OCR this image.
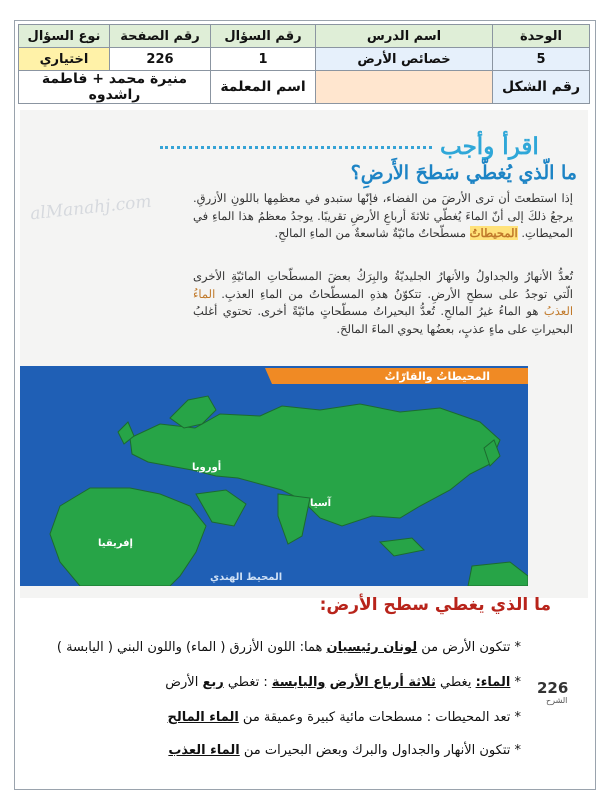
الوحدة	اسم الدرس	رقم السؤال	رقم الصفحة	نوع السؤال
5	خصائص الأرض	1	226	اختياري
رقم الشكل		اسم المعلمة	منيرة محمد + فاطمة راشدوه	
alManahj.com
اقرأ وأجب
ما الّذي يُغطّي سَطحَ الأَرضِ؟
إذا استطعتَ أن ترى الأرضَ من الفضاء، فإنّها ستبدو في معظمِها باللونِ الأزرقِ. يرجعُ ذلكَ إلى أنّ الماءَ يُغطّي ثلاثةَ أرباعِ الأرضِ تقريبًا. يوجدُ معظمُ هذا الماءِ في المحيطاتِ. المحيطاتُ مسطّحاتٌ مائيّةٌ شاسعةٌ من الماءِ المالحِ.
تُعدُّ الأنهارُ والجداولُ والأنهارُ الجليديّةُ والبِرَكُ بعضَ المسطّحاتِ المائيّةِ الأخرى الّتي توجدُ على سطحِ الأرضِ. تتكوّنُ هذهِ المسطّحاتُ من الماءِ العذبِ. الماءُ العذبُ هو الماءُ غيرُ المالحِ. تُعدُّ البحيراتُ مسطّحاتٍ مائيّةً أخرى. تحتوي أغلبُ البحيراتِ على ماءٍ عذبٍ، بعضُها يحوي الماءَ المالحَ.
المحيطاتُ والقارّاتُ
أوروبا
آسيا
إفريقيا
المحيط الهندي
ما الذي يغطي سطح الأرض:
* تتكون الأرض من لونان رئيسيان هما: اللون الأزرق ( الماء) واللون البني ( اليابسة )
* الماء: يغطي ثلاثة أرباع الأرض واليابسة : تغطي ربع الأرض
* تعد المحيطات : مسطحات مائية كبيرة وعميقة من الماء المالح
* تتكون الأنهار والجداول والبرك وبعض البحيرات من الماء العذب
226
الشرح
